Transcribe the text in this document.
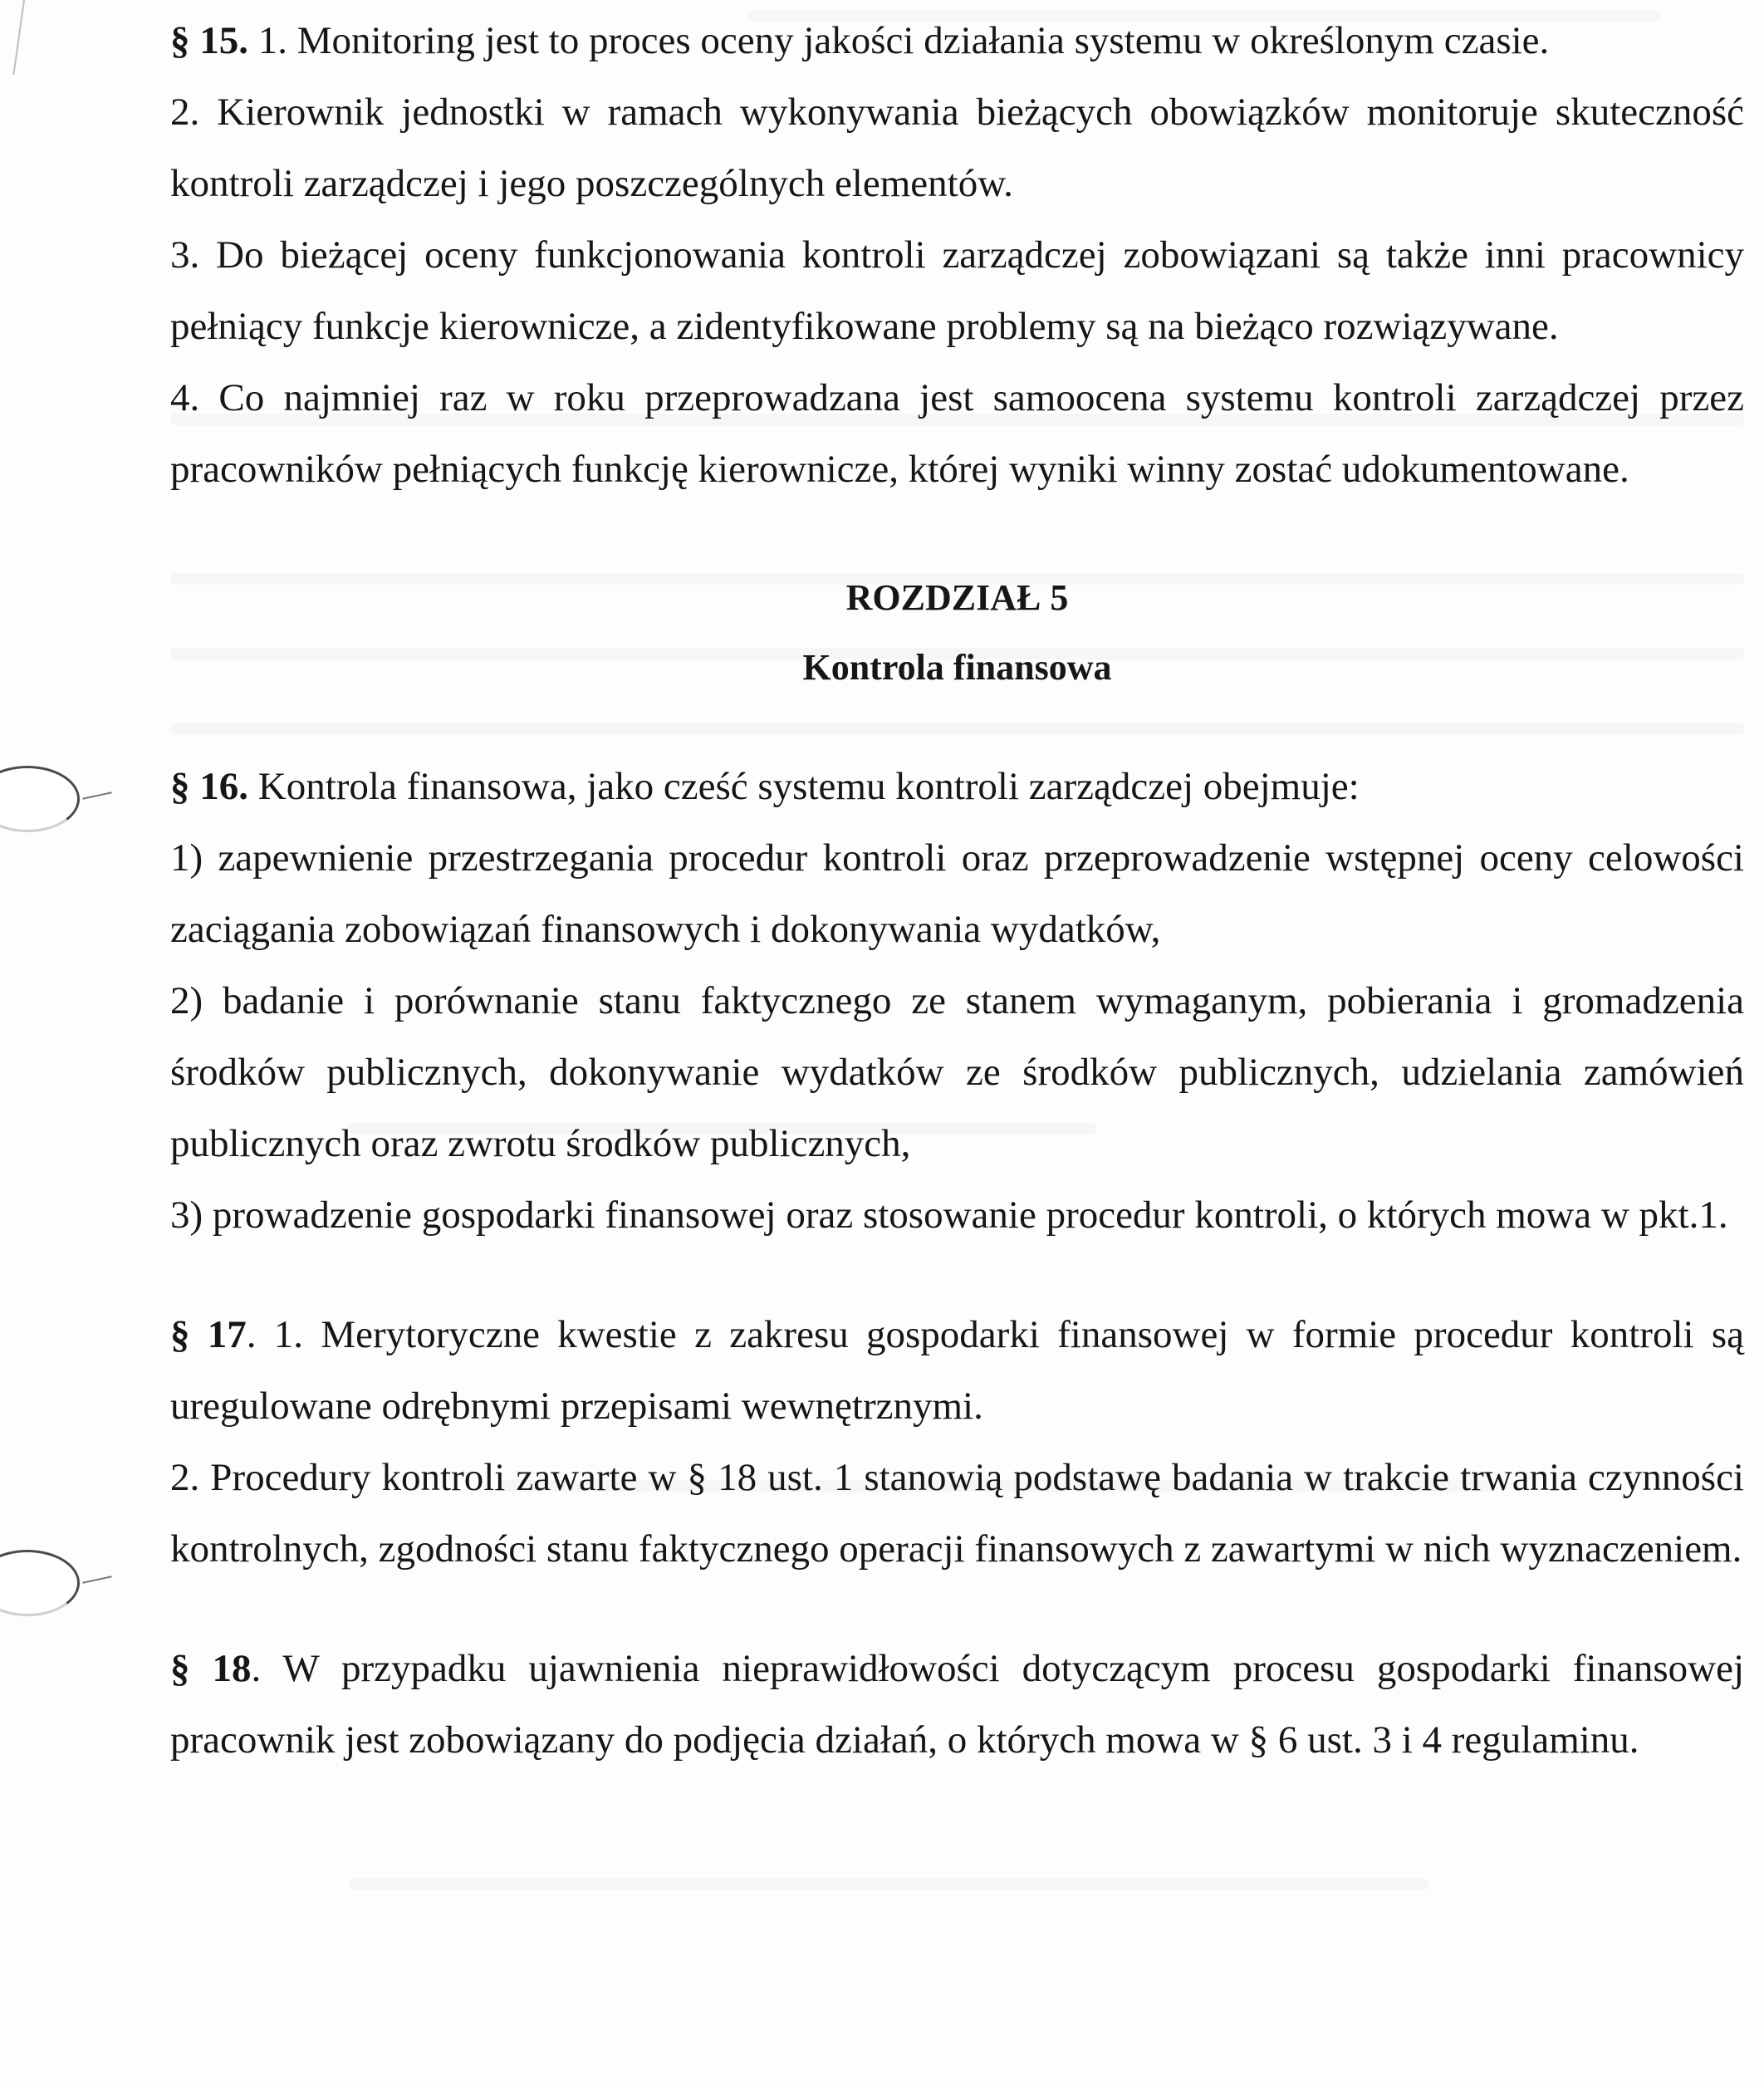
§ 15. 1. Monitoring jest to proces oceny jakości działania systemu w określonym czasie.

2. Kierownik jednostki w ramach wykonywania bieżących obowiązków monitoruje skuteczność kontroli zarządczej i jego poszczególnych elementów.

3. Do bieżącej oceny funkcjonowania kontroli zarządczej zobowiązani są także inni pracownicy pełniący funkcje kierownicze, a zidentyfikowane problemy są na bieżąco rozwiązywane.

4. Co najmniej raz w roku przeprowadzana jest samoocena systemu kontroli zarządczej przez pracowników pełniących funkcję kierownicze, której wyniki winny zostać udokumentowane.

ROZDZIAŁ 5

Kontrola finansowa

§ 16. Kontrola finansowa, jako cześć systemu kontroli zarządczej obejmuje:

1) zapewnienie przestrzegania procedur kontroli oraz przeprowadzenie wstępnej oceny celowości zaciągania zobowiązań finansowych i dokonywania wydatków,

2) badanie i porównanie stanu faktycznego ze stanem wymaganym, pobierania i gromadzenia środków publicznych, dokonywanie wydatków ze środków publicznych, udzielania zamówień publicznych oraz zwrotu środków publicznych,

3) prowadzenie gospodarki finansowej oraz stosowanie procedur kontroli, o których mowa w pkt.1.

§ 17. 1. Merytoryczne kwestie z zakresu gospodarki finansowej w formie procedur kontroli są uregulowane odrębnymi przepisami wewnętrznymi.

2. Procedury kontroli zawarte w § 18 ust. 1 stanowią podstawę badania w trakcie trwania czynności kontrolnych, zgodności stanu faktycznego operacji finansowych z zawartymi w nich wyznaczeniem.

§ 18. W przypadku ujawnienia nieprawidłowości dotyczącym procesu gospodarki finansowej pracownik jest zobowiązany do podjęcia działań, o których mowa w § 6 ust. 3 i 4 regulaminu.
